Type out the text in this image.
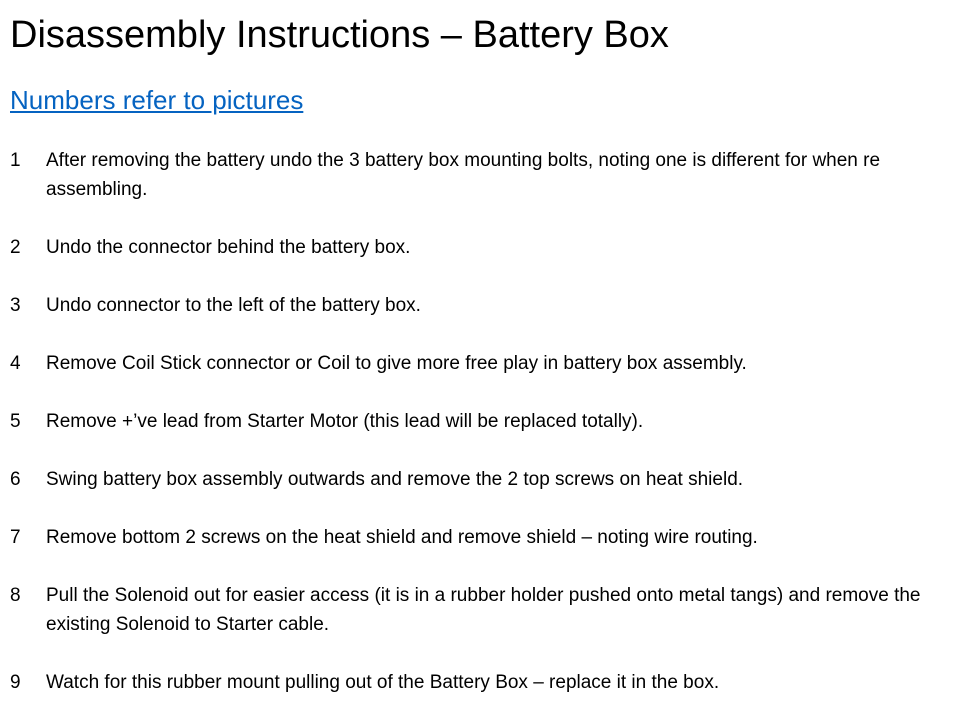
Disassembly Instructions – Battery Box
Numbers refer to pictures
1	After removing the battery undo the 3 battery box mounting bolts, noting one is different for when re assembling.
2	Undo the connector behind the battery box.
3	Undo connector to the left of the battery box.
4	Remove Coil Stick connector or Coil to give more free play in battery box assembly.
5	Remove +’ve lead from Starter Motor (this lead will be replaced totally).
6	Swing battery box assembly outwards and remove the 2 top screws on heat shield.
7	Remove bottom 2 screws on the heat shield and remove shield – noting wire routing.
8	Pull the Solenoid out for easier access (it is in a rubber holder pushed onto metal tangs) and remove the existing Solenoid to Starter cable.
9	Watch for this rubber mount pulling out of the Battery Box – replace it in the box.
